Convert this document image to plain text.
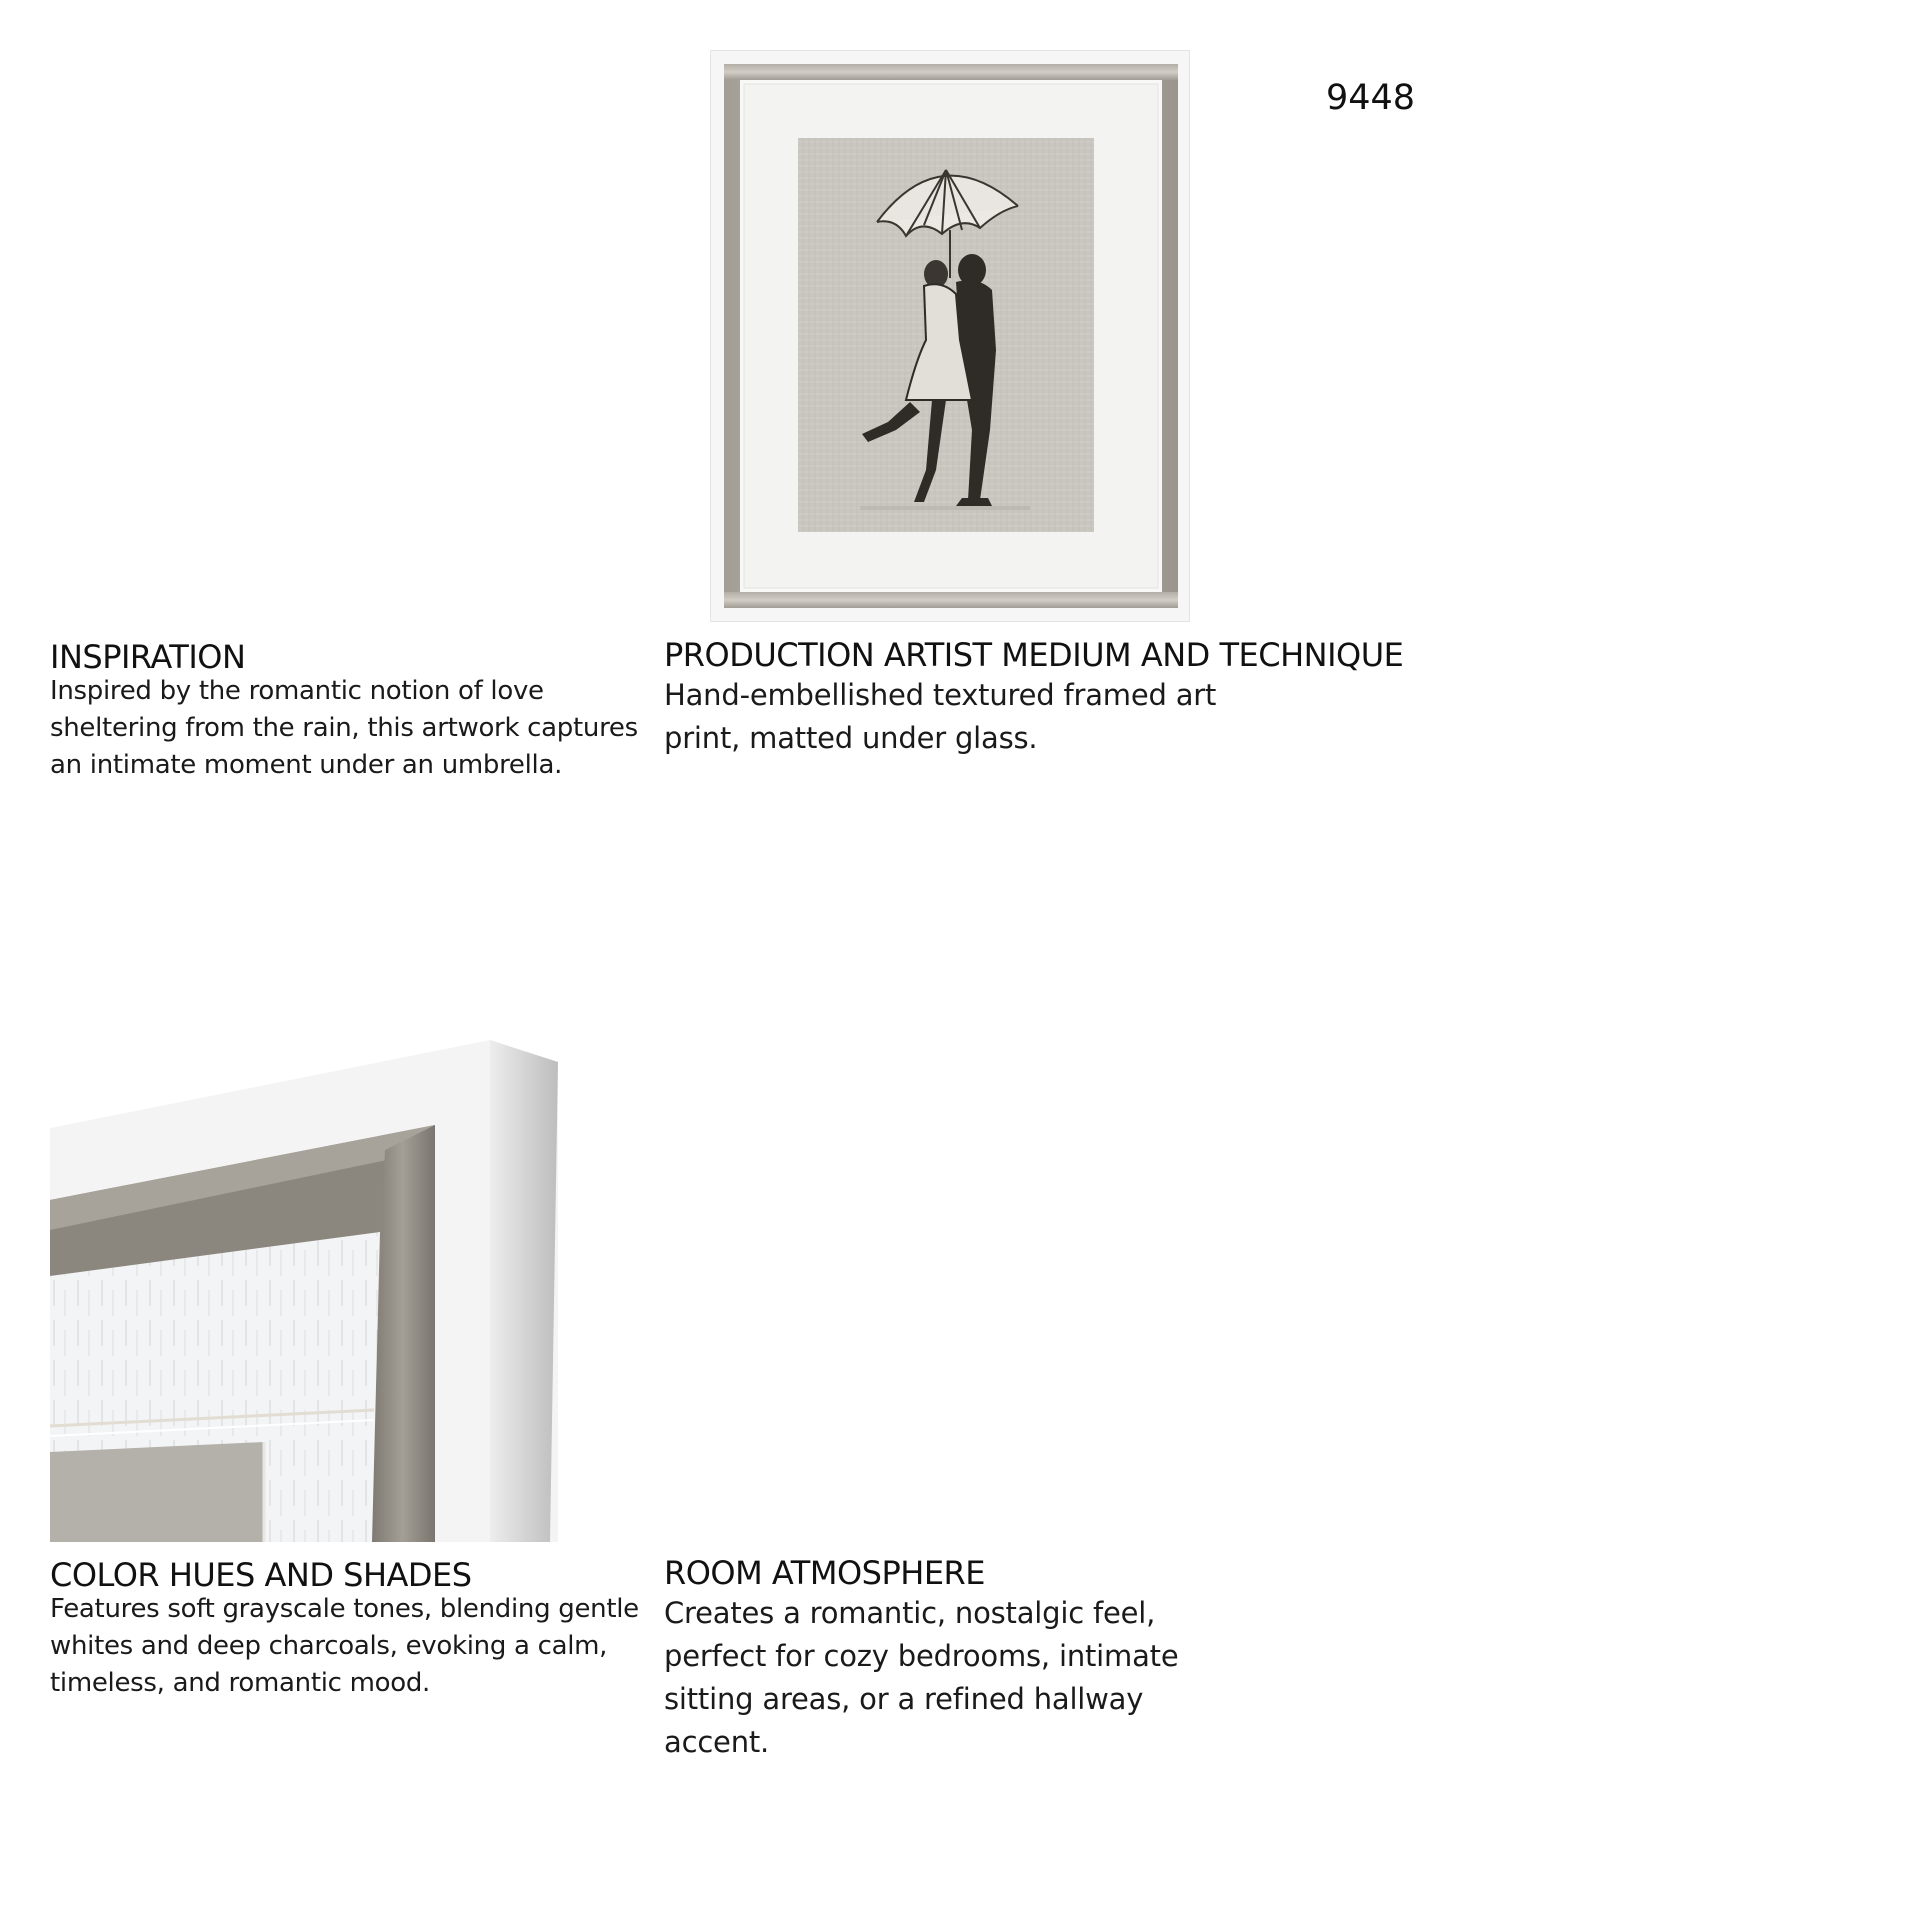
9448
INSPIRATION
Inspired by the romantic notion of love sheltering from the rain, this artwork captures an intimate moment under an umbrella.
PRODUCTION ARTIST MEDIUM AND TECHNIQUE
Hand-embellished textured framed art print, matted under glass.
COLOR HUES AND SHADES
Features soft grayscale tones, blending gentle whites and deep charcoals, evoking a calm, timeless, and romantic mood.
ROOM ATMOSPHERE
Creates a romantic, nostalgic feel, perfect for cozy bedrooms, intimate sitting areas, or a refined hallway accent.
